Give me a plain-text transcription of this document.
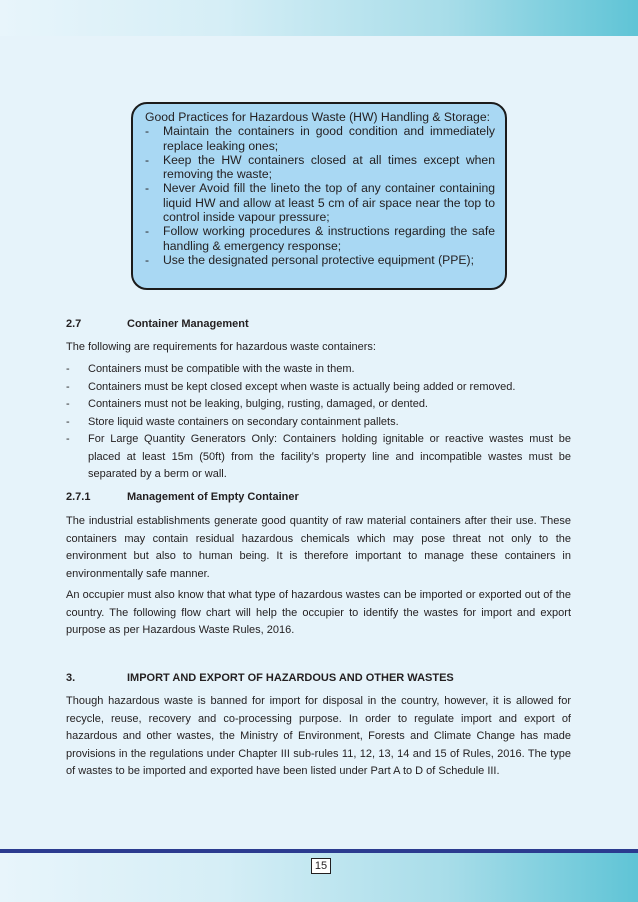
Good Practices for Hazardous Waste (HW) Handling & Storage:

- Maintain the containers in good condition and immediately replace leaking ones;
- Keep the HW containers closed at all times except when removing the waste;
- Never Avoid fill the lineto the top of any container containing liquid HW and allow at least 5 cm of air space near the top to control inside vapour pressure;
- Follow working procedures & instructions regarding the safe handling & emergency response;
- Use the designated personal protective equipment (PPE);
2.7	Container Management

The following are requirements for hazardous waste containers:

- Containers must be compatible with the waste in them.
- Containers must be kept closed except when waste is actually being added or removed.
- Containers must not be leaking, bulging, rusting, damaged, or dented.
- Store liquid waste containers on secondary containment pallets.
- For Large Quantity Generators Only: Containers holding ignitable or reactive wastes must be placed at least 15m (50ft) from the facility’s property line and incompatible wastes must be separated by a berm or wall.
2.7.1	Management of Empty Container

The industrial establishments generate good quantity of raw material containers after their use. These containers may contain residual hazardous chemicals which may pose threat not only to the environment but also to human being. It is therefore important to manage these containers in environmentally safe manner.

An occupier must also know that what type of hazardous wastes can be imported or exported out of the country. The following flow chart will help the occupier to identify the wastes for import and export purpose as per Hazardous Waste Rules, 2016.

3.	IMPORT AND EXPORT OF HAZARDOUS AND OTHER WASTES

Though hazardous waste is banned for import for disposal in the country, however, it is allowed for recycle, reuse, recovery and co-processing purpose. In order to regulate import and export of hazardous and other wastes, the Ministry of Environment, Forests and Climate Change has made provisions in the regulations under Chapter III sub-rules 11, 12, 13, 14 and 15 of Rules, 2016. The type of wastes to be imported and exported have been listed under Part A to D of Schedule III.

15
